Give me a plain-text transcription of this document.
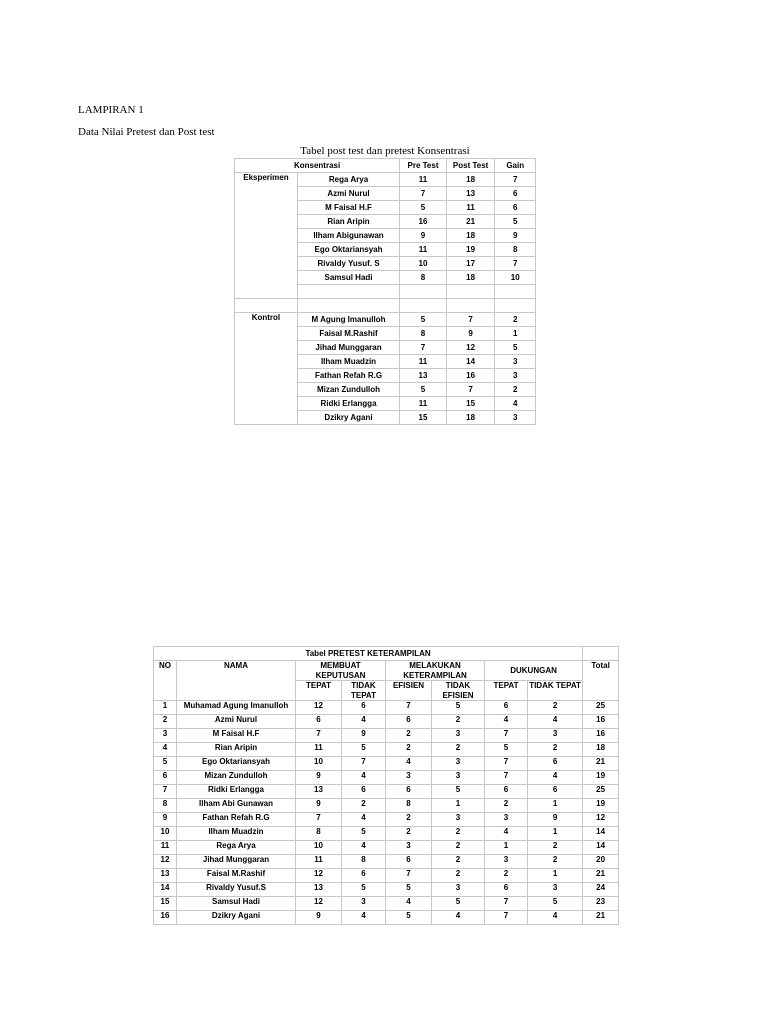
LAMPIRAN 1
Data Nilai Pretest dan Post test
Tabel post test dan pretest Konsentrasi
Konsentrasi		Pre Test	Post Test	Gain
Eksperimen	Rega Arya	11	18	7
	Azmi Nurul	7	13	6
	M Faisal H.F	5	11	6
	Rian Aripin	16	21	5
	Ilham Abigunawan	9	18	9
	Ego Oktariansyah	11	19	8
	Rivaldy Yusuf. S	10	17	7
	Samsul Hadi	8	18	10

Kontrol	M Agung Imanulloh	5	7	2
	Faisal M.Rashif	8	9	1
	Jihad Munggaran	7	12	5
	Ilham Muadzin	11	14	3
	Fathan Refah R.G	13	16	3
	Mizan Zundulloh	5	7	2
	Ridki Erlangga	11	15	4
	Dzikry Agani	15	18	3
Tabel PRETEST KETERAMPILAN								
NO	NAMA	MEMBUAT KEPUTUSAN		MELAKUKAN KETERAMPILAN		DUKUNGAN		Total
		TEPAT	TIDAK TEPAT	EFISIEN	TIDAK EFISIEN	TEPAT	TIDAK TEPAT	
1	Muhamad Agung Imanulloh	12	6	7	5	6	2	25
2	Azmi Nurul	6	4	6	2	4	4	16
3	M Faisal H.F	7	9	2	3	7	3	16
4	Rian Aripin	11	5	2	2	5	2	18
5	Ego Oktariansyah	10	7	4	3	7	6	21
6	Mizan Zundulloh	9	4	3	3	7	4	19
7	Ridki Erlangga	13	6	6	5	6	6	25
8	Ilham Abi Gunawan	9	2	8	1	2	1	19
9	Fathan Refah R.G	7	4	2	3	3	9	12
10	Ilham Muadzin	8	5	2	2	4	1	14
11	Rega Arya	10	4	3	2	1	2	14
12	Jihad Munggaran	11	8	6	2	3	2	20
13	Faisal M.Rashif	12	6	7	2	2	1	21
14	Rivaldy Yusuf.S	13	5	5	3	6	3	24
15	Samsul Hadi	12	3	4	5	7	5	23
16	Dzikry Agani	9	4	5	4	7	4	21
